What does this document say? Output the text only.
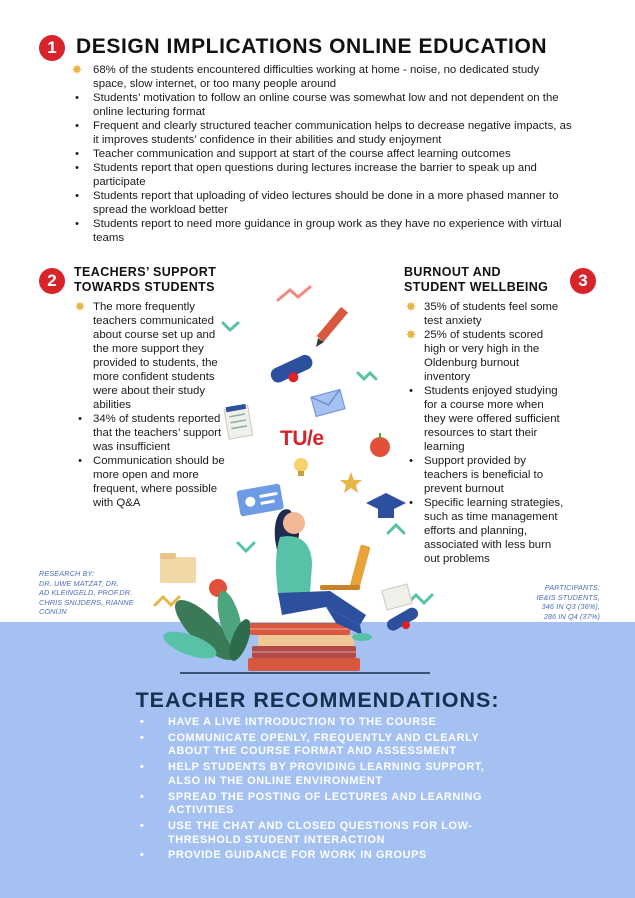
1 DESIGN IMPLICATIONS ONLINE EDUCATION
✸ 68% of the students encountered difficulties working at home - noise, no dedicated study space, slow internet, or too many people around
•	Students’ motivation to follow an online course was somewhat low and not dependent on the online lecturing format
•	Frequent and clearly structured teacher communication helps to decrease negative impacts, as it improves students’ confidence in their abilities and study enjoyment
•	Teacher communication and support at start of the course affect learning outcomes
•	Students report that open questions during lectures increase the barrier to speak up and participate
•	Students report that uploading of video lectures should be done in a more phased manner to spread the workload better
•	Students report to need more guidance in group work as they have no experience with virtual teams
2	TEACHERS’ SUPPORT
TOWARDS STUDENTS
✸ The more frequently teachers communicated about course set up and the more support they provided to students, the more confident students were about their study abilities
• 34% of students reported that the teachers’ support was insufficient
• Communication should be more open and more frequent, where possible with Q&A
BURNOUT AND
STUDENT WELLBEING	3
✸ 35% of students feel some test anxiety
✸ 25% of students scored high or very high in the Oldenburg burnout inventory
• Students enjoyed studying for a course more when they were offered sufficient resources to start their learning
• Support provided by teachers is beneficial to prevent burnout
• Specific learning strategies, such as time management efforts and planning, associated with less burn out problems
RESEARCH BY:
DR. UWE MATZAT, DR.
AD KLEINGELD, PROF.DR.
CHRIS SNIJDERS, RIANNE
CONIJN
PARTICIPANTS:
IE&IS STUDENTS,
346 IN Q3 (36%),
286 IN Q4 (37%)
TU/e
TEACHER RECOMMENDATIONS:
• HAVE A LIVE INTRODUCTION TO THE COURSE
• COMMUNICATE OPENLY, FREQUENTLY AND CLEARLY ABOUT THE COURSE FORMAT AND ASSESSMENT
• HELP STUDENTS BY PROVIDING LEARNING SUPPORT, ALSO IN THE ONLINE ENVIRONMENT
• SPREAD THE POSTING OF LECTURES AND LEARNING ACTIVITIES
• USE THE CHAT AND CLOSED QUESTIONS FOR LOW-THRESHOLD STUDENT INTERACTION
• PROVIDE GUIDANCE FOR WORK IN GROUPS
